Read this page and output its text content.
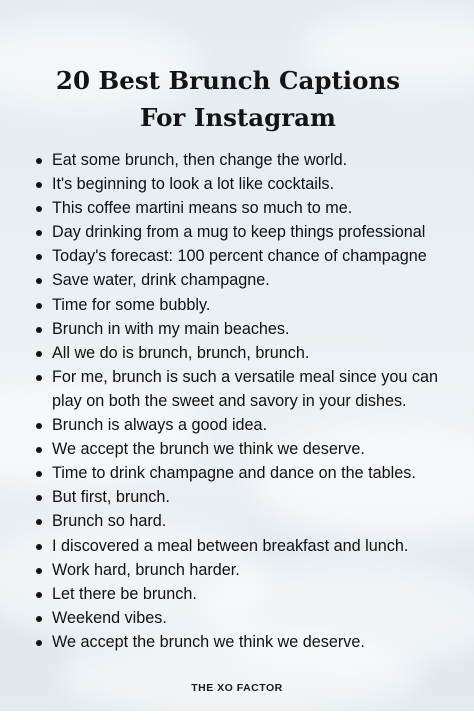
20 Best Brunch Captions
For Instagram
Eat some brunch, then change the world.
It's beginning to look a lot like cocktails.
This coffee martini means so much to me.
Day drinking from a mug to keep things professional
Today's forecast: 100 percent chance of champagne
Save water, drink champagne.
Time for some bubbly.
Brunch in with my main beaches.
All we do is brunch, brunch, brunch.
For me, brunch is such a versatile meal since you can play on both the sweet and savory in your dishes.
Brunch is always a good idea.
We accept the brunch we think we deserve.
Time to drink champagne and dance on the tables.
But first, brunch.
Brunch so hard.
I discovered a meal between breakfast and lunch.
Work hard, brunch harder.
Let there be brunch.
Weekend vibes.
We accept the brunch we think we deserve.
THE XO FACTOR
